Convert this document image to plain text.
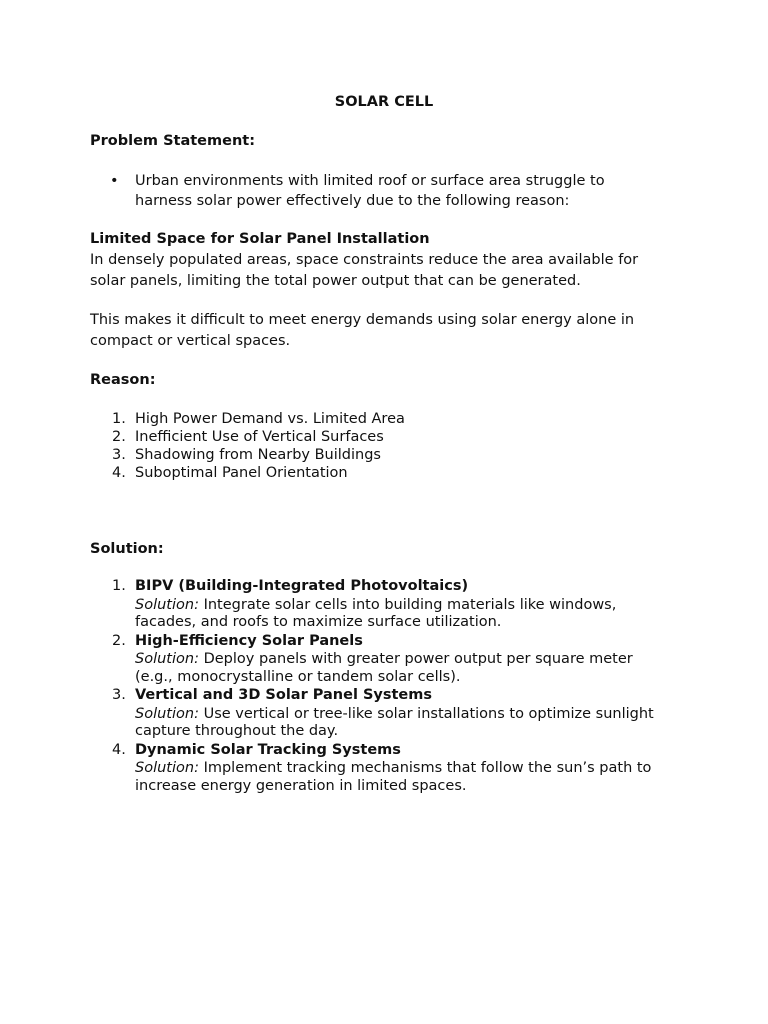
SOLAR CELL
Problem Statement:
• Urban environments with limited roof or surface area struggle to
harness solar power effectively due to the following reason:
Limited Space for Solar Panel Installation
In densely populated areas, space constraints reduce the area available for
solar panels, limiting the total power output that can be generated.
This makes it difficult to meet energy demands using solar energy alone in
compact or vertical spaces.
Reason:
1. High Power Demand vs. Limited Area
2. Inefficient Use of Vertical Surfaces
3. Shadowing from Nearby Buildings
4. Suboptimal Panel Orientation
Solution:
1. BIPV (Building-Integrated Photovoltaics)
Solution: Integrate solar cells into building materials like windows,
facades, and roofs to maximize surface utilization.
2. High-Efficiency Solar Panels
Solution: Deploy panels with greater power output per square meter
(e.g., monocrystalline or tandem solar cells).
3. Vertical and 3D Solar Panel Systems
Solution: Use vertical or tree-like solar installations to optimize sunlight
capture throughout the day.
4. Dynamic Solar Tracking Systems
Solution: Implement tracking mechanisms that follow the sun’s path to
increase energy generation in limited spaces.
